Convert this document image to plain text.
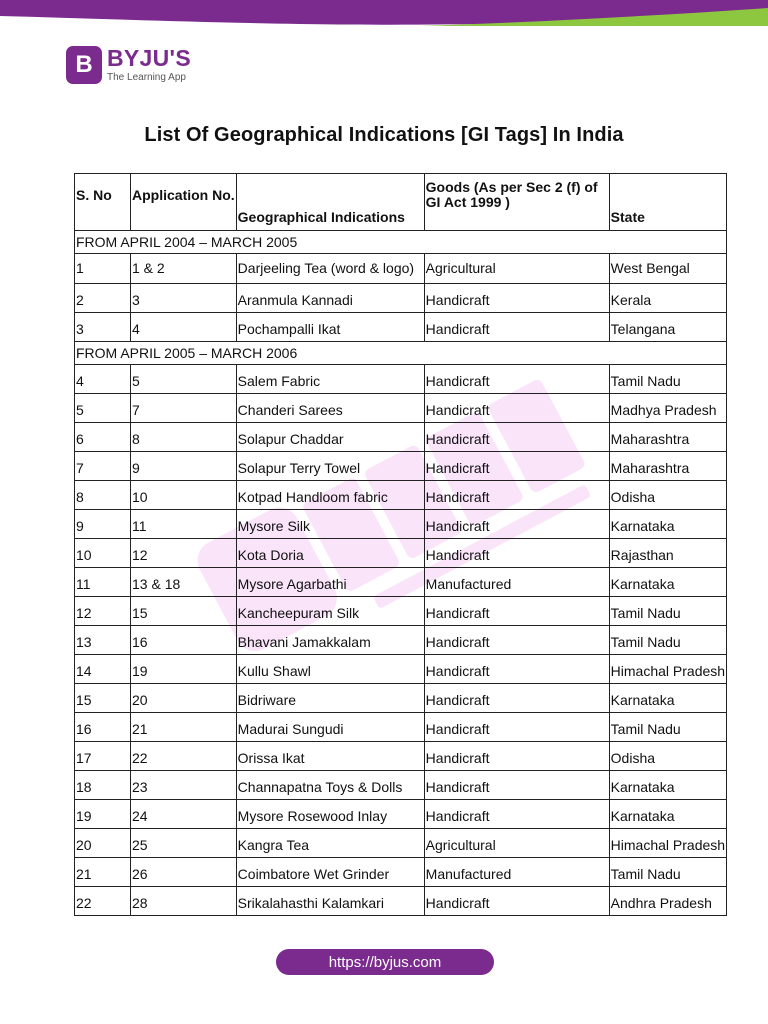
B BYJU'S
The Learning App
List Of Geographical Indications [GI Tags] In India
S. No	Application No.	Geographical Indications	Goods (As per Sec 2 (f) of GI Act 1999 )	State
FROM APRIL 2004 – MARCH 2005				
1	1 & 2	Darjeeling Tea (word & logo)	Agricultural	West Bengal
2	3	Aranmula Kannadi	Handicraft	Kerala
3	4	Pochampalli Ikat	Handicraft	Telangana
FROM APRIL 2005 – MARCH 2006				
4	5	Salem Fabric	Handicraft	Tamil Nadu
5	7	Chanderi Sarees	Handicraft	Madhya Pradesh
6	8	Solapur Chaddar	Handicraft	Maharashtra
7	9	Solapur Terry Towel	Handicraft	Maharashtra
8	10	Kotpad Handloom fabric	Handicraft	Odisha
9	11	Mysore Silk	Handicraft	Karnataka
10	12	Kota Doria	Handicraft	Rajasthan
11	13 & 18	Mysore Agarbathi	Manufactured	Karnataka
12	15	Kancheepuram Silk	Handicraft	Tamil Nadu
13	16	Bhavani Jamakkalam	Handicraft	Tamil Nadu
14	19	Kullu Shawl	Handicraft	Himachal Pradesh
15	20	Bidriware	Handicraft	Karnataka
16	21	Madurai Sungudi	Handicraft	Tamil Nadu
17	22	Orissa Ikat	Handicraft	Odisha
18	23	Channapatna Toys & Dolls	Handicraft	Karnataka
19	24	Mysore Rosewood Inlay	Handicraft	Karnataka
20	25	Kangra Tea	Agricultural	Himachal Pradesh
21	26	Coimbatore Wet Grinder	Manufactured	Tamil Nadu
22	28	Srikalahasthi Kalamkari	Handicraft	Andhra Pradesh
https://byjus.com
